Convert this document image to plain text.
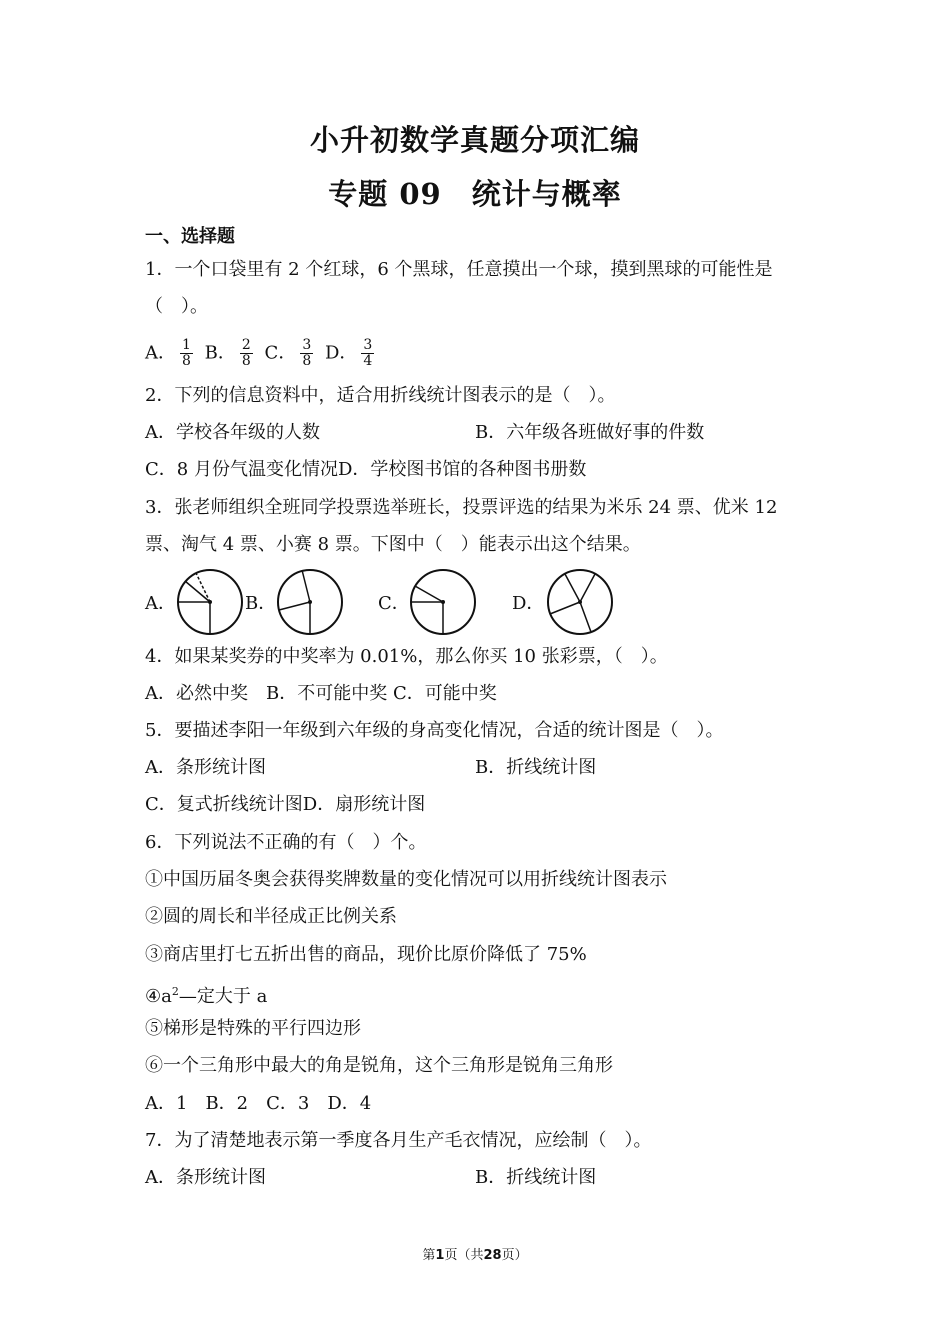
小升初数学真题分项汇编
专题 09　统计与概率
一、选择题
1．一个口袋里有 2 个红球，6 个黑球，任意摸出一个球，摸到黑球的可能性是
（　）。
A． $\frac{1}{8}$ B． $\frac{2}{8}$ C． $\frac{3}{8}$ D． $\frac{3}{4}$
2．下列的信息资料中，适合用折线统计图表示的是（　）。
A．学校各年级的人数	B．六年级各班做好事的件数
C．8 月份气温变化情况D．学校图书馆的各种图书册数
3．张老师组织全班同学投票选举班长，投票评选的结果为米乐 24 票、优米 12
票、淘气 4 票、小赛 8 票。下图中（　）能表示出这个结果。
A．	B．	C．	D．
4．如果某奖券的中奖率为 0.01%，那么你买 10 张彩票，（　）。
A．必然中奖　B．不可能中奖 C．可能中奖
5．要描述李阳一年级到六年级的身高变化情况，合适的统计图是（　）。
A．条形统计图	B．折线统计图
C．复式折线统计图D．扇形统计图
6．下列说法不正确的有（　）个。
①中国历届冬奥会获得奖牌数量的变化情况可以用折线统计图表示
②圆的周长和半径成正比例关系
③商店里打七五折出售的商品，现价比原价降低了 75%
$④a^2—$定大于 a
⑤梯形是特殊的平行四边形
⑥一个三角形中最大的角是锐角，这个三角形是锐角三角形
A．1　B．2　C．3　D．4
7．为了清楚地表示第一季度各月生产毛衣情况，应绘制（　）。
A．条形统计图	B．折线统计图
第1页（共28页）
